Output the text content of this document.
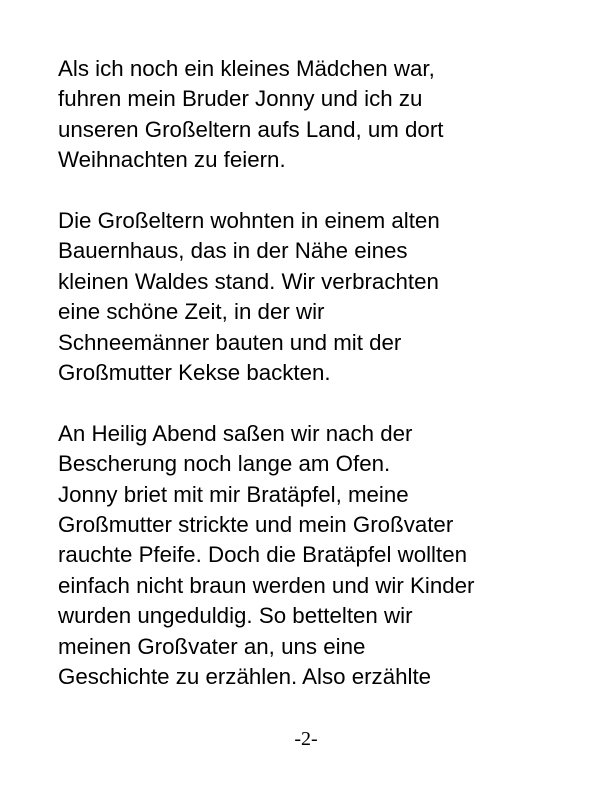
Als ich noch ein kleines Mädchen war,
fuhren mein Bruder Jonny und ich zu
unseren Großeltern aufs Land, um dort
Weihnachten zu feiern.

Die Großeltern wohnten in einem alten
Bauernhaus, das in der Nähe eines
kleinen Waldes stand. Wir verbrachten
eine schöne Zeit, in der wir
Schneemänner bauten und mit der
Großmutter Kekse backten.

An Heilig Abend saßen wir nach der
Bescherung noch lange am Ofen.
Jonny briet mit mir Bratäpfel, meine
Großmutter strickte und mein Großvater
rauchte Pfeife. Doch die Bratäpfel wollten
einfach nicht braun werden und wir Kinder
wurden ungeduldig. So bettelten wir
meinen Großvater an, uns eine
Geschichte zu erzählen. Also erzählte

-2-
